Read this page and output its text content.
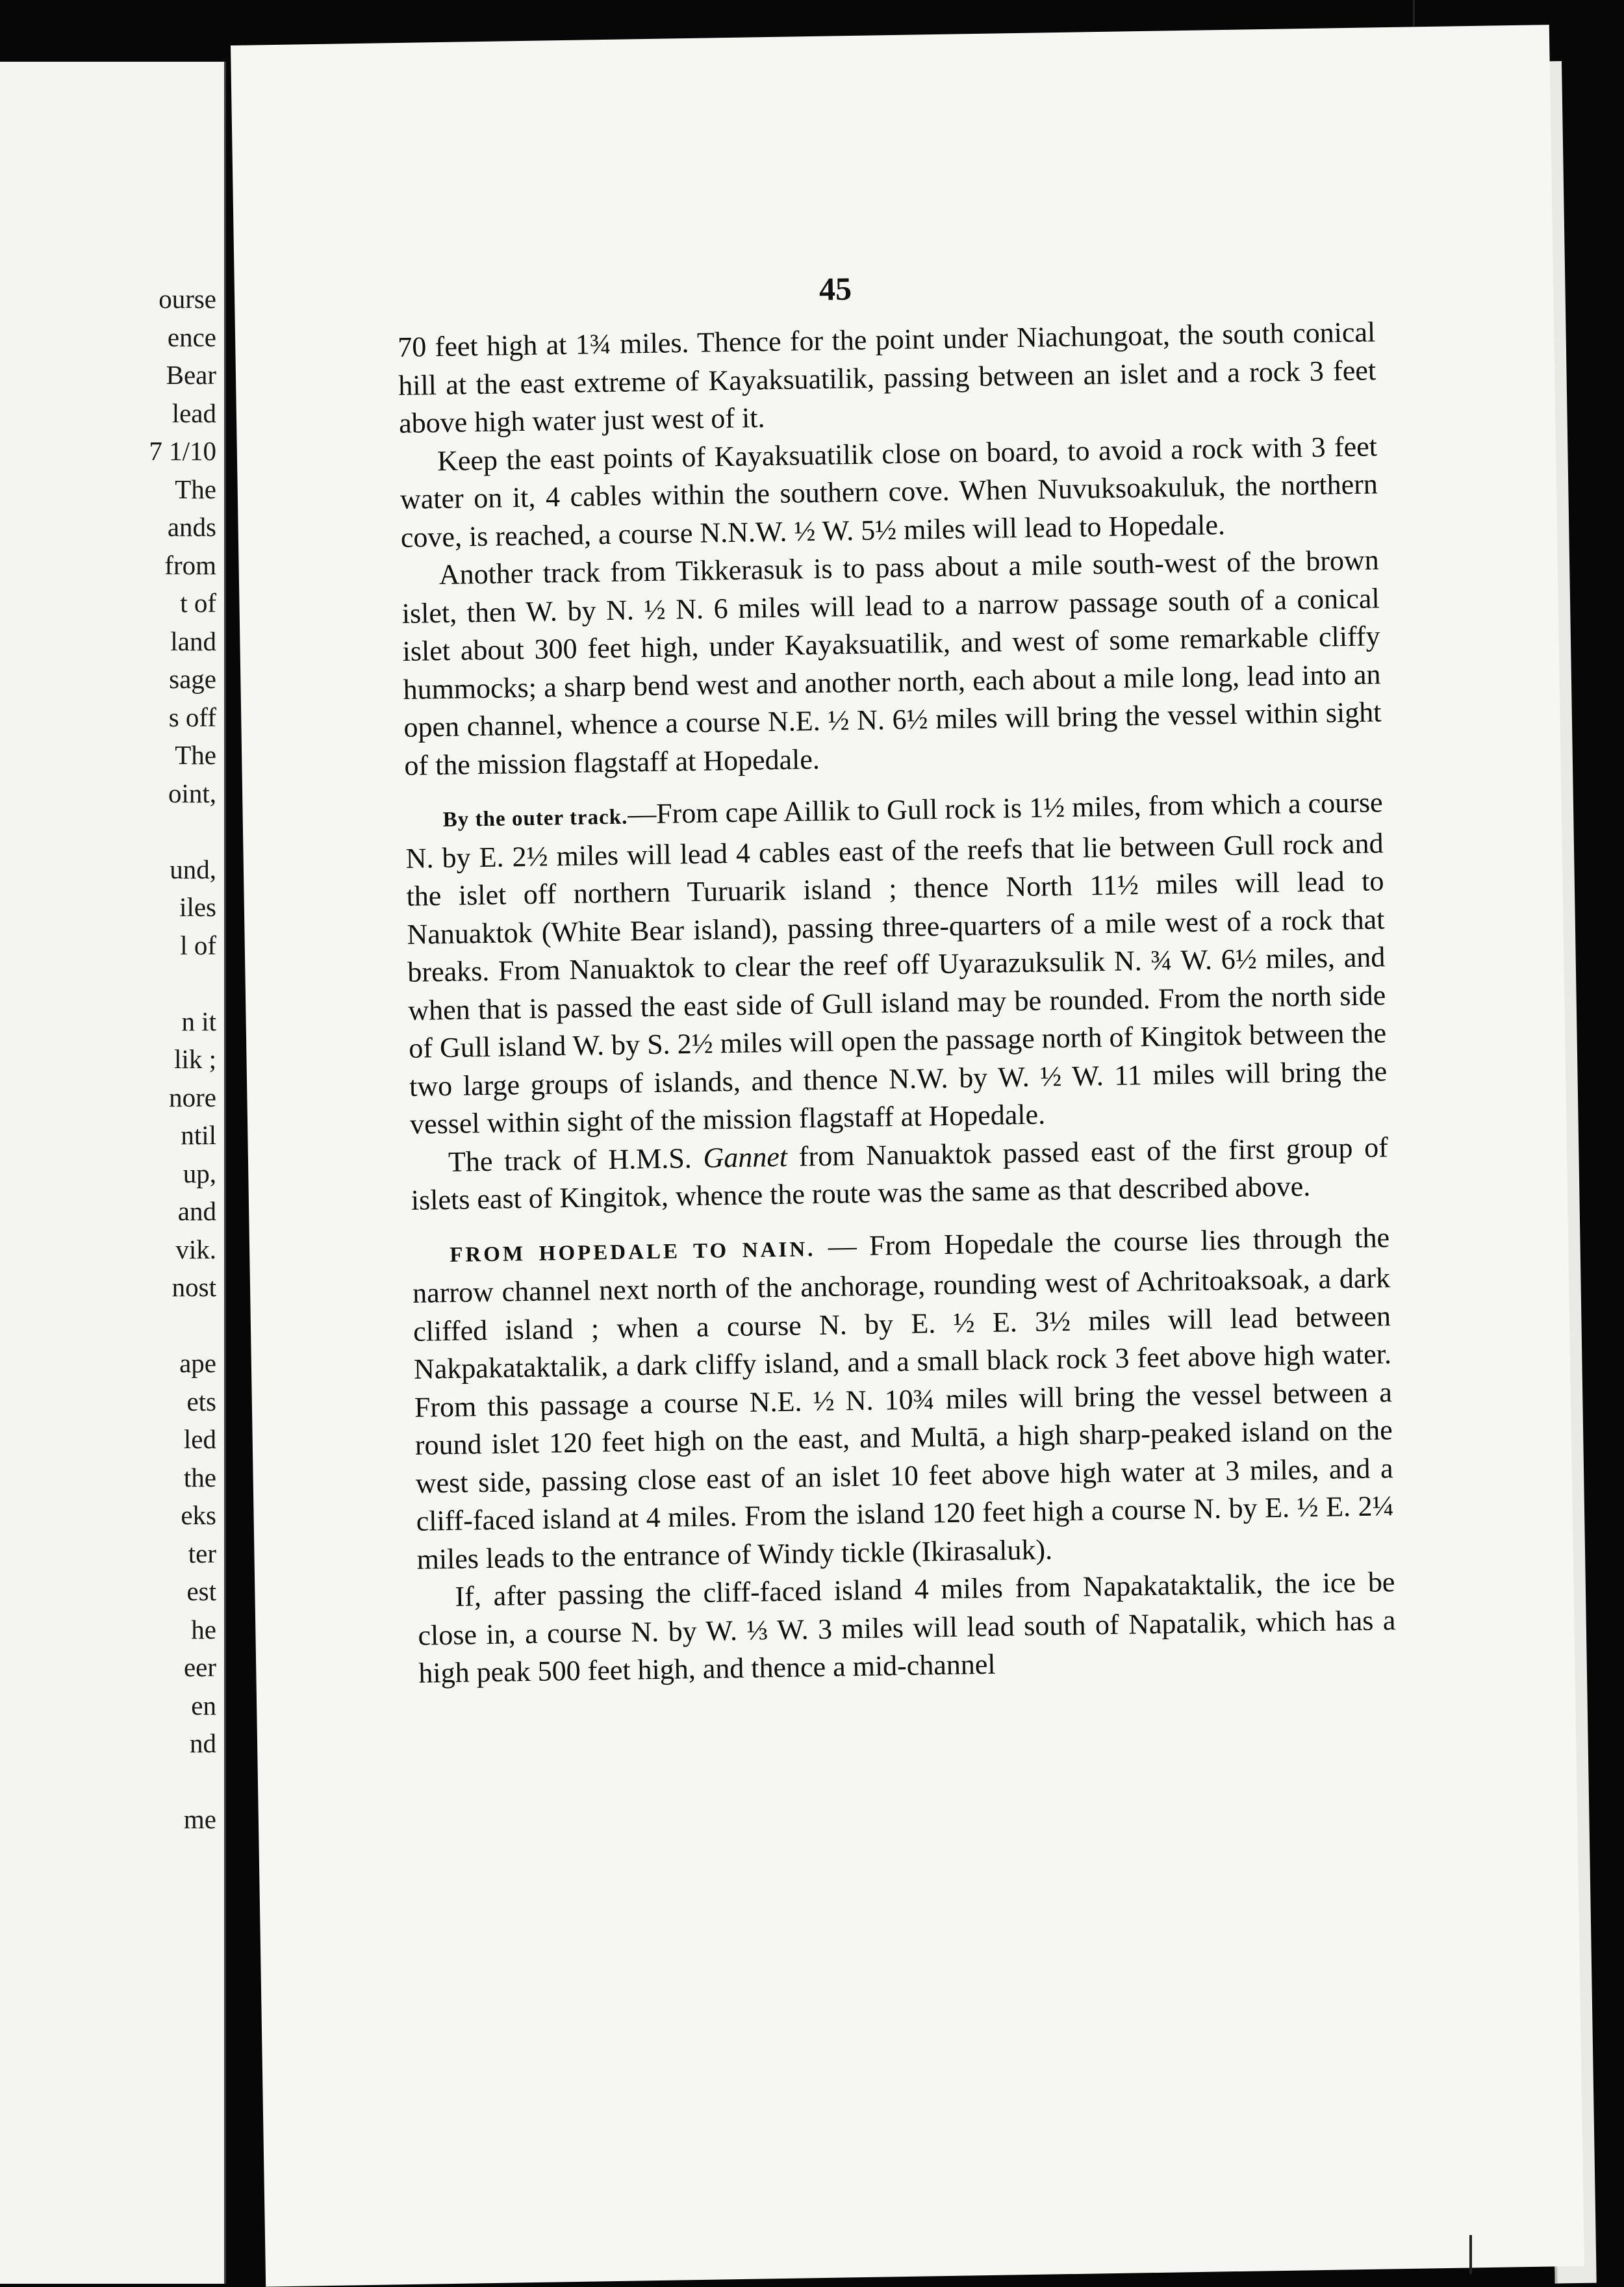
ourse
ence
Bear
lead
7 1/10
The
ands
from
t of
land
sage
s off
The
oint,
und,
iles
l of
n it
lik ;
nore
ntil
up,
and
vik.
nost
ape
ets
led
the
eks
ter
est
he
eer
en
nd
me
45

70 feet high at 1¾ miles. Thence for the point under Niachungoat, the south conical hill at the east extreme of Kayaksuatilik, passing between an islet and a rock 3 feet above high water just west of it.

Keep the east points of Kayaksuatilik close on board, to avoid a rock with 3 feet water on it, 4 cables within the southern cove. When Nuvuksoakuluk, the northern cove, is reached, a course N.N.W. ½ W. 5½ miles will lead to Hopedale.

Another track from Tikkerasuk is to pass about a mile south-west of the brown islet, then W. by N. ½ N. 6 miles will lead to a narrow passage south of a conical islet about 300 feet high, under Kayaksuatilik, and west of some remarkable cliffy hummocks; a sharp bend west and another north, each about a mile long, lead into an open channel, whence a course N.E. ½ N. 6½ miles will bring the vessel within sight of the mission flagstaff at Hopedale.

By the outer track.—From cape Aillik to Gull rock is 1½ miles, from which a course N. by E. 2½ miles will lead 4 cables east of the reefs that lie between Gull rock and the islet off northern Turuarik island ; thence North 11½ miles will lead to Nanuaktok (White Bear island), passing three-quarters of a mile west of a rock that breaks. From Nanuaktok to clear the reef off Uyarazuksulik N. ¾ W. 6½ miles, and when that is passed the east side of Gull island may be rounded. From the north side of Gull island W. by S. 2½ miles will open the passage north of Kingitok between the two large groups of islands, and thence N.W. by W. ½ W. 11 miles will bring the vessel within sight of the mission flagstaff at Hopedale.

The track of H.M.S. Gannet from Nanuaktok passed east of the first group of islets east of Kingitok, whence the route was the same as that described above.

FROM HOPEDALE TO NAIN. — From Hopedale the course lies through the narrow channel next north of the anchorage, rounding west of Achritoaksoak, a dark cliffed island ; when a course N. by E. ½ E. 3½ miles will lead between Nakpakataktalik, a dark cliffy island, and a small black rock 3 feet above high water. From this passage a course N.E. ½ N. 10¾ miles will bring the vessel between a round islet 120 feet high on the east, and Multā, a high sharp-peaked island on the west side, passing close east of an islet 10 feet above high water at 3 miles, and a cliff-faced island at 4 miles. From the island 120 feet high a course N. by E. ½ E. 2¼ miles leads to the entrance of Windy tickle (Ikirasaluk).

If, after passing the cliff-faced island 4 miles from Napakataktalik, the ice be close in, a course N. by W. ⅓ W. 3 miles will lead south of Napatalik, which has a high peak 500 feet high, and thence a mid-channel
